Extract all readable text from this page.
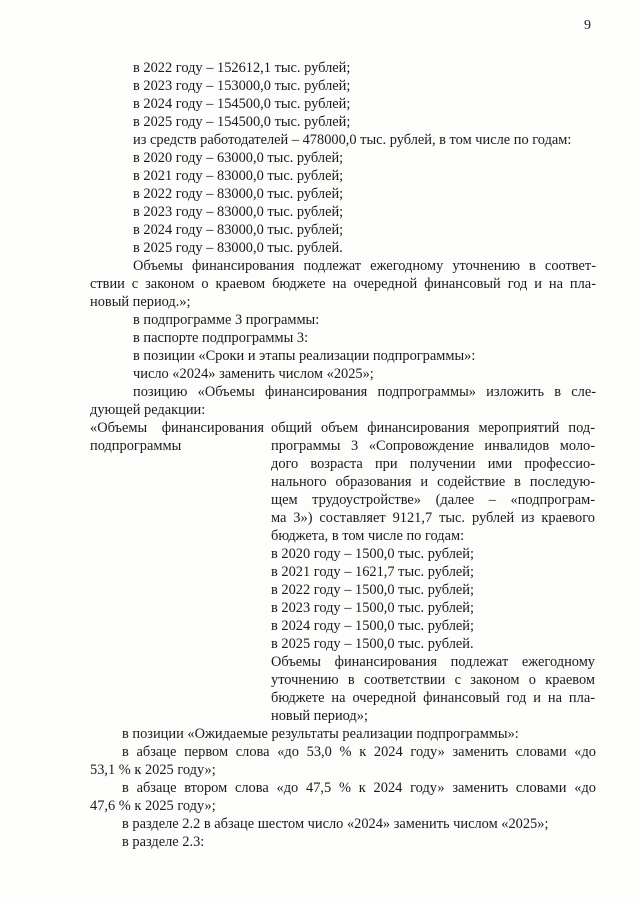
9
в 2022 году – 152612,1 тыс. рублей;
в 2023 году – 153000,0 тыс. рублей;
в 2024 году – 154500,0 тыс. рублей;
в 2025 году – 154500,0 тыс. рублей;
из средств работодателей – 478000,0 тыс. рублей, в том числе по годам:
в 2020 году – 63000,0 тыс. рублей;
в 2021 году – 83000,0 тыс. рублей;
в 2022 году – 83000,0 тыс. рублей;
в 2023 году – 83000,0 тыс. рублей;
в 2024 году – 83000,0 тыс. рублей;
в 2025 году – 83000,0 тыс. рублей.
Объемы финансирования подлежат ежегодному уточнению в соответ-
ствии с законом о краевом бюджете на очередной финансовый год и на пла-
новый период.»;
в подпрограмме 3 программы:
в паспорте подпрограммы 3:
в позиции «Сроки и этапы реализации подпрограммы»:
число «2024» заменить числом «2025»;
позицию «Объемы финансирования подпрограммы» изложить в сле-
дующей редакции:
«Объемы финансирования
подпрограммы
общий объем финансирования мероприятий под-
программы 3 «Сопровождение инвалидов моло-
дого возраста при получении ими профессио-
нального образования и содействие в последую-
щем трудоустройстве» (далее – «подпрограм-
ма 3») составляет 9121,7 тыс. рублей из краевого
бюджета, в том числе по годам:
в 2020 году – 1500,0 тыс. рублей;
в 2021 году – 1621,7 тыс. рублей;
в 2022 году – 1500,0 тыс. рублей;
в 2023 году – 1500,0 тыс. рублей;
в 2024 году – 1500,0 тыс. рублей;
в 2025 году – 1500,0 тыс. рублей.
Объемы финансирования подлежат ежегодному
уточнению в соответствии с законом о краевом
бюджете на очередной финансовый год и на пла-
новый период»;
в позиции «Ожидаемые результаты реализации подпрограммы»:
в абзаце первом слова «до 53,0 % к 2024 году» заменить словами «до
53,1 % к 2025 году»;
в абзаце втором слова «до 47,5 % к 2024 году» заменить словами «до
47,6 % к 2025 году»;
в разделе 2.2 в абзаце шестом число «2024» заменить числом «2025»;
в разделе 2.3:
